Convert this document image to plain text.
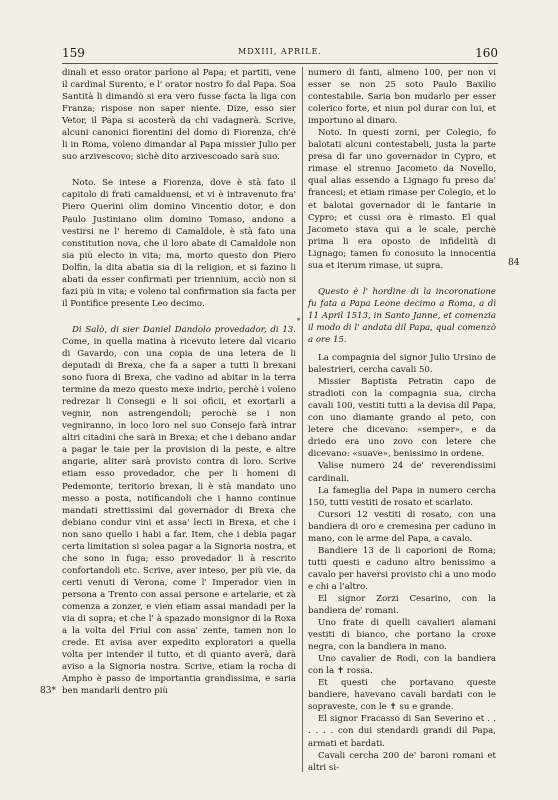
159	MDXIII, APRILE.	160

dinali et esso orator parlono al Papa; et partiti, vene il cardinal Surento, e l' orator nostro fo dal Papa. Soa Santità li dimandò si era vero fusse facta la liga con Franza; rispose non saper niente. Dize, esso sier Vetor, il Papa si acosterà da chi vadagnerà. Scrive, alcuni canonici fiorentini del domo di Fiorenza, ch'è li in Roma, voleno dimandar al Papa missier Julio per suo arzivescovo; sichè dito arzivescoado sarà suo.

Noto. Se intese a Fiorenza, dove è stà fato il capitolo di frati camalduensi, et vi è intravenuto fra' Piero Querini olim domino Vincentio dotor, e don Paulo Justiniano olim domino Tomaso, andono a vestirsi ne l' heremo di Camaldole, è stà fato una constitution nova, che il loro abate di Camaldole non sia più electo in vita; ma, morto questo don Piero Dolfin, la dita abatia sia di la religion, et si fazino li abati da esser confirmati per triennium, acciò non si fazi più in vita; e voleno tal confirmation sia facta per il Pontifice presente Leo decimo.

Di Salò, di sier Daniel Dandolo provedador, di 13. Come, in quella matina à ricevuto letere dal vicario di Gavardo, con una copia de una letera de li deputadi di Brexa, che fa a saper a tutti li brexani sono fuora di Brexa, che vadino ad abitar in la terra termine da mezo questo mexe indrio, perchè i voleno redrezar li Consegii e li soi oficii, et exortarli a vegnir, non astrengendoli; perochè se i non vegniranno, in loco loro nel suo Consejo farà intrar altri citadini che sarà in Brexa; et che i debano andar a pagar le taie per la provision di la peste, e altre angarie, aliter sarà provisto contra di loro. Scrive etiam esso provedador, che per li homeni di Pedemonte, teritorio brexan, li è stà mandato uno messo a posta, notificandoli che i hanno continue mandati strettissimi dal governador di Brexa che debiano condur vini et assa' lecti in Brexa, et che i non sano quello i habi a far. Item, che i debia pagar certa limitation si solea pagar a la Signoria nostra, et che sono in fuga; esso provedador li à rescrito confortandoli etc. Scrive, aver inteso, per più vie, da certi venuti di Verona, come l' Imperador vien in persona a Trento con assai persone e artelarie, et zà comenza a zonzer, e vien etiam assai mandadi per la via di sopra; et che l' à spazado monsignor di la Roxa a la volta del Friul con assa' zente, tamen non lo crede. Et avisa aver expedito exploratori a quella volta per intender il tutto, et di quanto averà, darà aviso a la Signoria nostra. Scrive, etiam la rocha di Ampho è passo de importantia grandissima, e saria ben mandarli dentro più

*

numero di fanti, almeno 100, per non vi esser se non 25 soto Paulo Baxilio contestabile. Saria bon mudarlo per esser colerico forte, et niun pol durar con lui, et importuno al dinaro.

Noto. In questi zorni, per Colegio, fo balotati alcuni contestabeli, justa la parte presa di far uno governador in Cypro, et rimase el strenuo Jacometo da Novello, qual alias essendo a Lignago fu preso da' francesi; et etiam rimase per Colegio, et lo et balotai governador di le fantarie in Cypro; et cussi ora è rimasto. El qual Jacometo stava qui a le scale, perchè prima li era oposto de infidelità di Lignago; tamen fo conosuto la innocentia sua et iterum rimase, ut supra.

Questo è l' hordine di la incoronatione fu fata a Papa Leone decimo a Roma, a dì 11 April 1513, in Santo Janne, et comenzia il modo di l' andata dil Papa, qual comenzò a ore 15.

La compagnia del signor Julio Ursino de balestrieri, cercha cavali 50.

Missier Baptista Petratin capo de stradioti con la compagnia sua, circha cavali 100, vestiti tutti a la devisa dil Papa, con uno diamante grando al peto, con letere che dicevano: «semper», e da driedo era uno zovo con letere che dicevano: «suave», benissimo in ordene.

Valise numero 24 de' reverendissimi cardinali.

La fameglia del Papa in numero cercha 150, tutti vestiti de rosato et scarlato.

Cursori 12 vestiti di rosato, con una bandiera di oro e cremesina per caduno in mano, con le arme del Papa, a cavalo.

Bandiere 13 de li caporioni de Roma; tutti questi e caduno altro benissimo a cavalo per haversi provisto chi a uno modo e chi a l'altro.

El signor Zorzi Cesarino, con la bandiera de' romani.

Uno frate di quelli cavalieri alamani vestiti di bianco, che portano la croxe negra, con la bandiera in mano.

Uno cavalier de Rodi, con la bandiera con la ✝ rossa.

Et questi che portavano queste bandiere, havevano cavali bardati con le sopraveste, con le ✝ su e grande.

El signor Fracasso di San Severino et . . . . . . con dui stendardi grandi dil Papa, armati et bardati.

Cavali cercha 200 de' baroni romani et altri si-

83*
84
